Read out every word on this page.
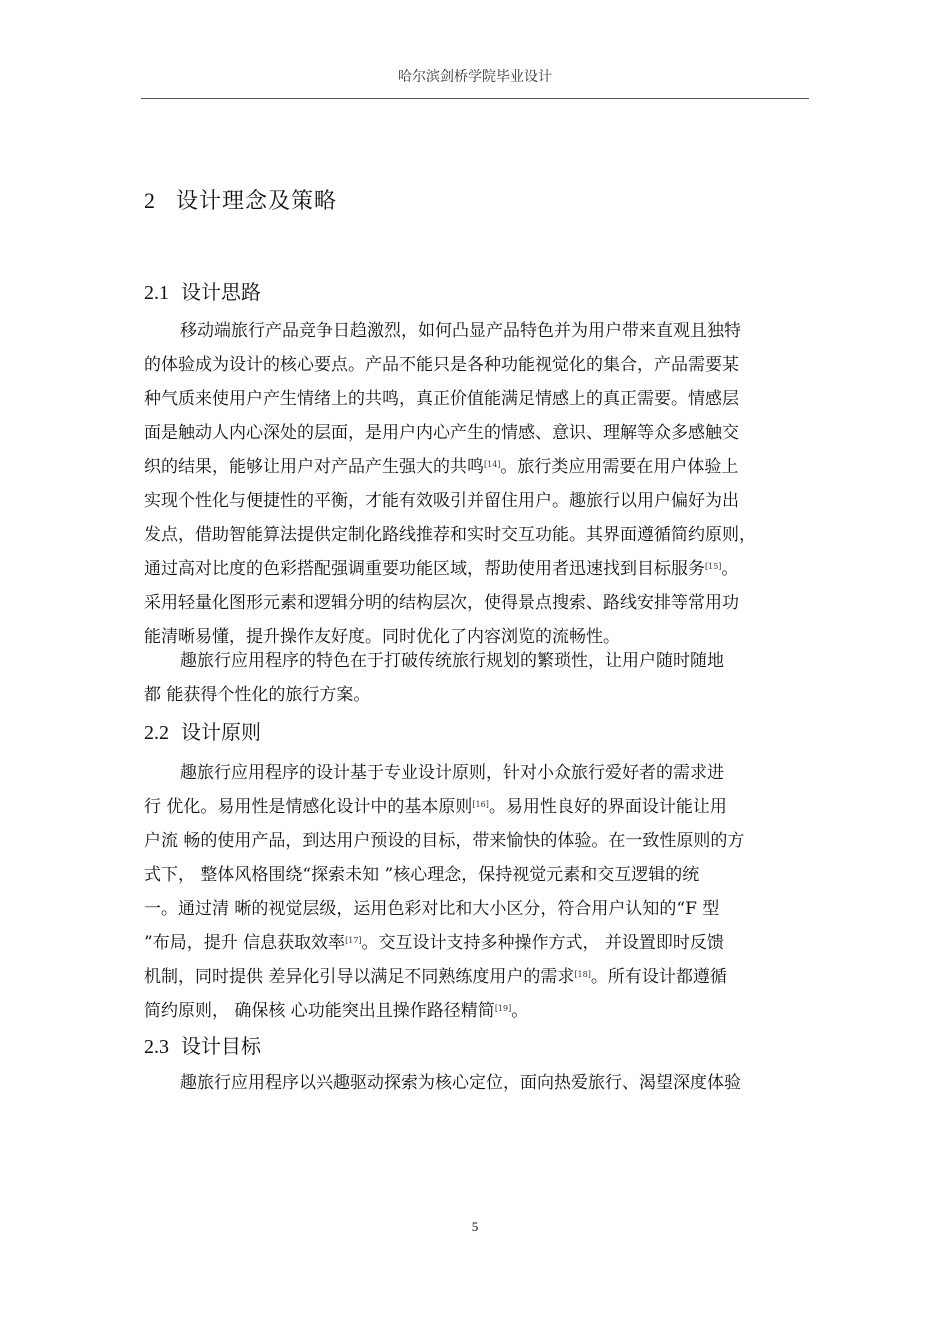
哈尔滨剑桥学院毕业设计
2 设计理念及策略
2.1 设计思路
移动端旅行产品竞争日趋激烈，如何凸显产品特色并为用户带来直观且独特
的体验成为设计的核心要点。产品不能只是各种功能视觉化的集合，产品需要某
种气质来使用户产生情绪上的共鸣，真正价值能满足情感上的真正需要。情感层
面是触动人内心深处的层面，是用户内心产生的情感、意识、理解等众多感触交
织的结果，能够让用户对产品产生强大的共鸣[14]。旅行类应用需要在用户体验上
实现个性化与便捷性的平衡，才能有效吸引并留住用户。趣旅行以用户偏好为出
发点，借助智能算法提供定制化路线推荐和实时交互功能。其界面遵循简约原则，
通过高对比度的色彩搭配强调重要功能区域，帮助使用者迅速找到目标服务[15]。
采用轻量化图形元素和逻辑分明的结构层次，使得景点搜索、路线安排等常用功
能清晰易懂，提升操作友好度。同时优化了内容浏览的流畅性。
趣旅行应用程序的特色在于打破传统旅行规划的繁琐性，让用户随时随地
都 能获得个性化的旅行方案。
2.2 设计原则
趣旅行应用程序的设计基于专业设计原则，针对小众旅行爱好者的需求进
行 优化。易用性是情感化设计中的基本原则[16]。易用性良好的界面设计能让用
户流 畅的使用产品，到达用户预设的目标，带来愉快的体验。在一致性原则的方
式下， 整体风格围绕“探索未知 ”核心理念，保持视觉元素和交互逻辑的统
一。通过清 晰的视觉层级，运用色彩对比和大小区分，符合用户认知的“F 型
”布局，提升 信息获取效率[17]。交互设计支持多种操作方式， 并设置即时反馈
机制，同时提供 差异化引导以满足不同熟练度用户的需求[18]。所有设计都遵循
简约原则， 确保核 心功能突出且操作路径精简[19]。
2.3 设计目标
趣旅行应用程序以兴趣驱动探索为核心定位，面向热爱旅行、渴望深度体验
5
